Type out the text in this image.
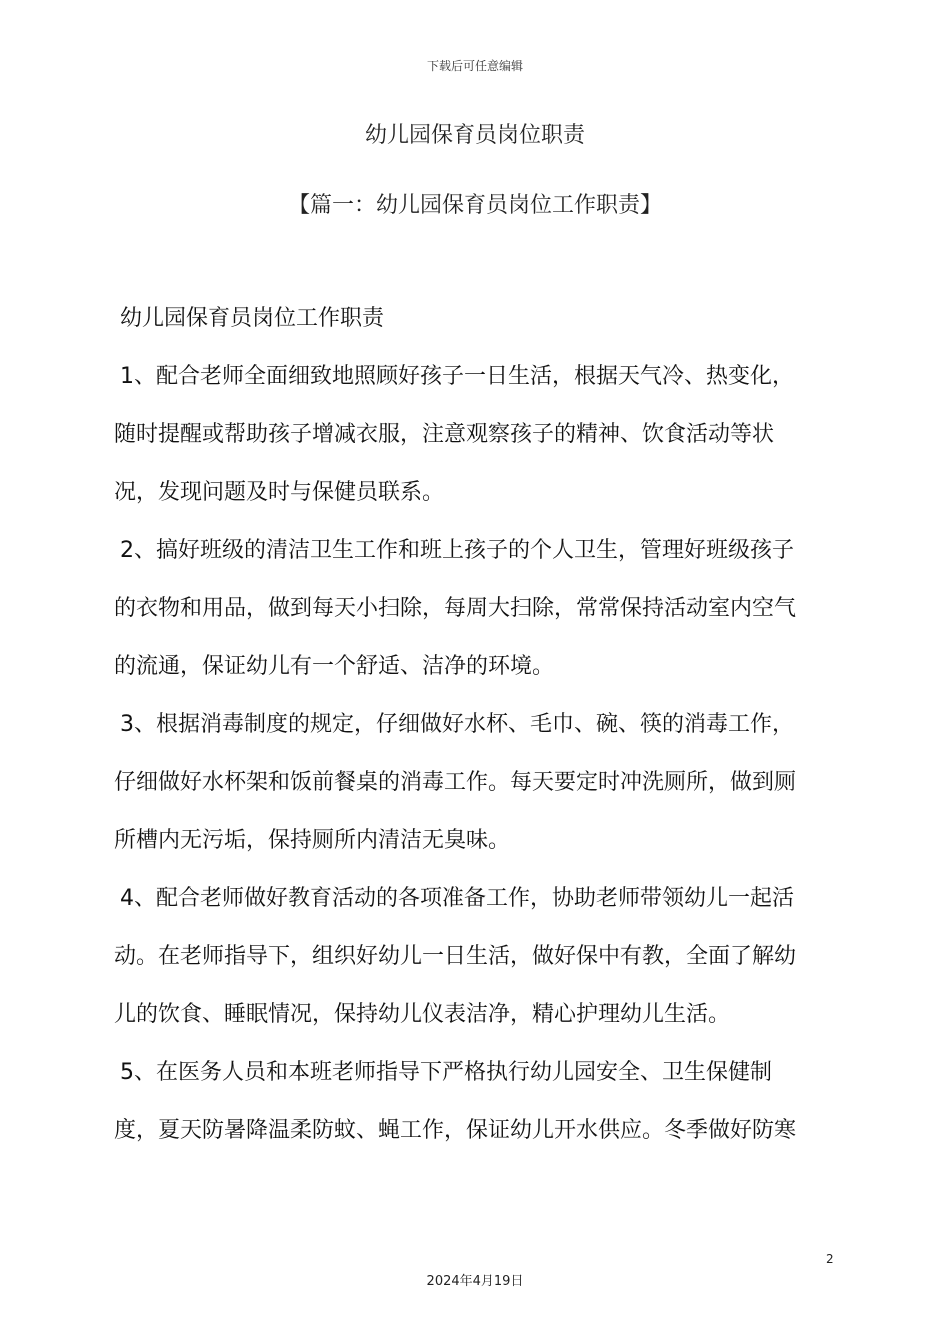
下载后可任意编辑
幼儿园保育员岗位职责
【篇一：幼儿园保育员岗位工作职责】
幼儿园保育员岗位工作职责
1、配合老师全面细致地照顾好孩子一日生活，根据天气冷、热变化，
随时提醒或帮助孩子增减衣服，注意观察孩子的精神、饮食活动等状
况，发现问题及时与保健员联系。
2、搞好班级的清洁卫生工作和班上孩子的个人卫生，管理好班级孩子
的衣物和用品，做到每天小扫除，每周大扫除，常常保持活动室内空气
的流通，保证幼儿有一个舒适、洁净的环境。
3、根据消毒制度的规定，仔细做好水杯、毛巾、碗、筷的消毒工作，
仔细做好水杯架和饭前餐桌的消毒工作。每天要定时冲洗厕所，做到厕
所槽内无污垢，保持厕所内清洁无臭味。
4、配合老师做好教育活动的各项准备工作，协助老师带领幼儿一起活
动。在老师指导下，组织好幼儿一日生活，做好保中有教，全面了解幼
儿的饮食、睡眠情况，保持幼儿仪表洁净，精心护理幼儿生活。
5、在医务人员和本班老师指导下严格执行幼儿园安全、卫生保健制
度，夏天防暑降温柔防蚊、蝇工作，保证幼儿开水供应。冬季做好防寒
2
2024年4月19日
